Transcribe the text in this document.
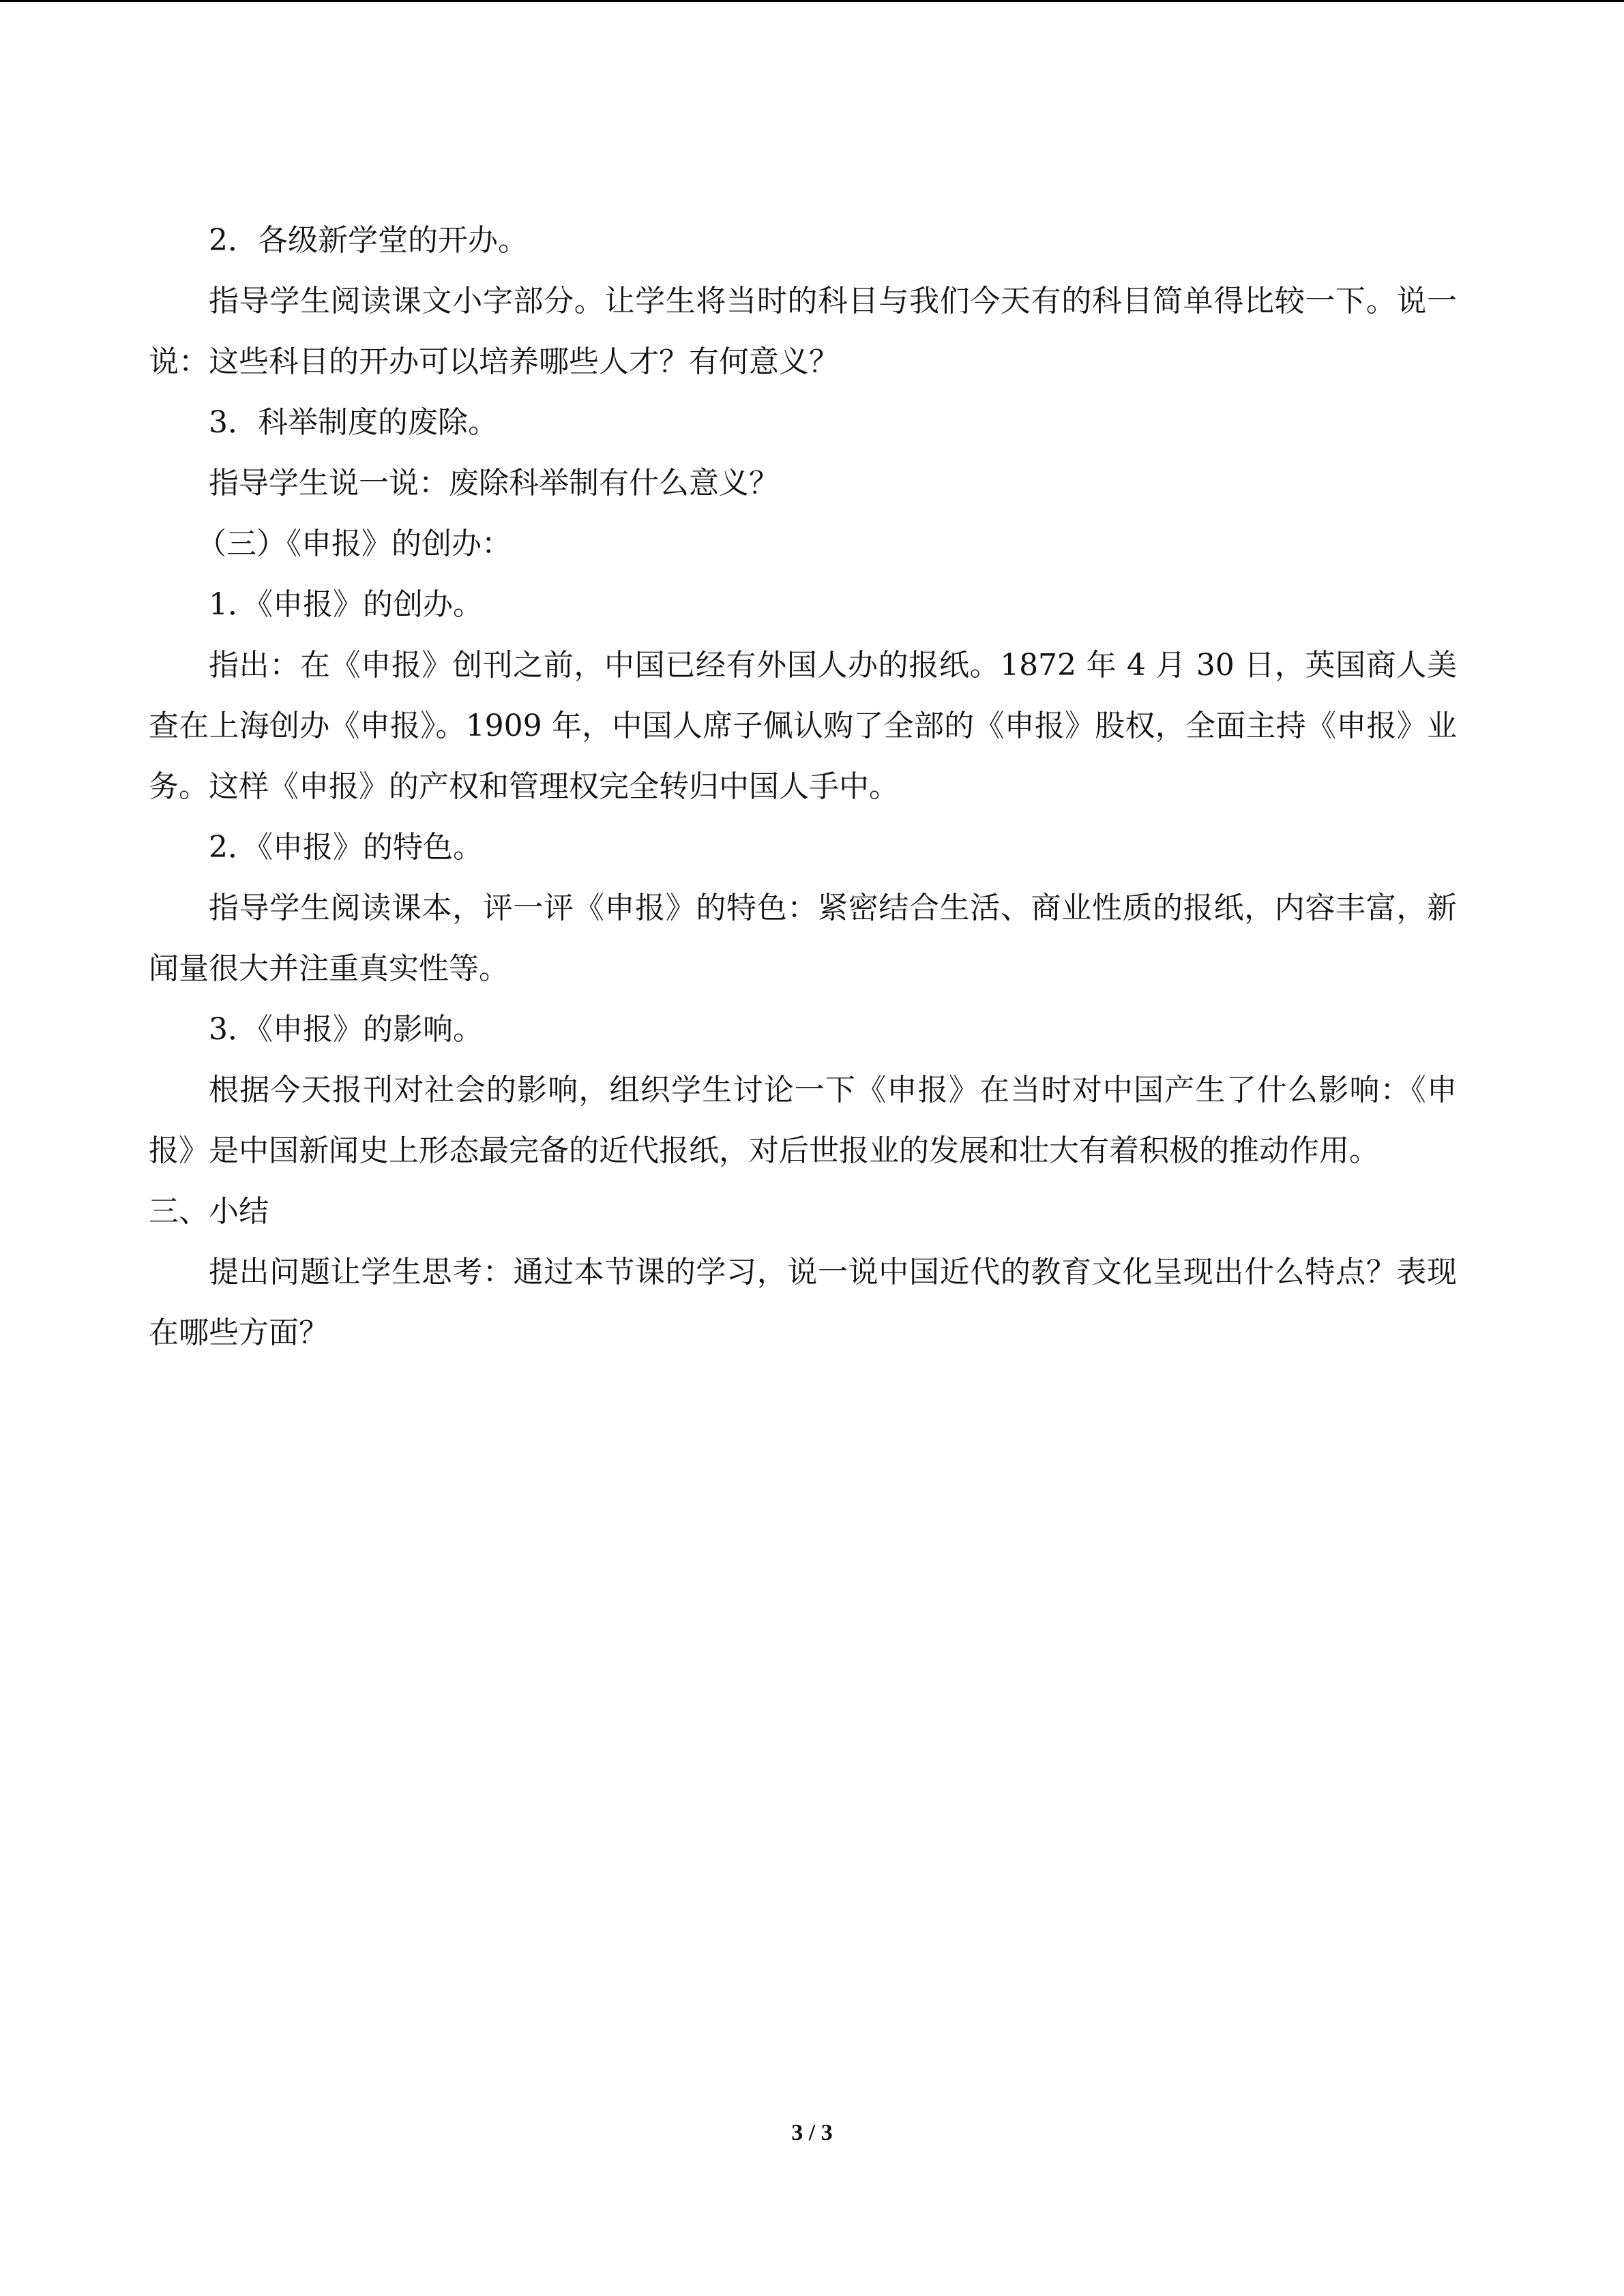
2．各级新学堂的开办。

指导学生阅读课文小字部分。让学生将当时的科目与我们今天有的科目简单得比较一下。说一说：这些科目的开办可以培养哪些人才？有何意义？

3．科举制度的废除。

指导学生说一说：废除科举制有什么意义？

（三）《申报》的创办：

1．《申报》的创办。

指出：在《申报》创刊之前，中国已经有外国人办的报纸。1872 年 4 月 30 日，英国商人美查在上海创办《申报》。1909 年，中国人席子佩认购了全部的《申报》股权，全面主持《申报》业务。这样《申报》的产权和管理权完全转归中国人手中。

2．《申报》的特色。

指导学生阅读课本，评一评《申报》的特色：紧密结合生活、商业性质的报纸，内容丰富，新闻量很大并注重真实性等。

3．《申报》的影响。

根据今天报刊对社会的影响，组织学生讨论一下《申报》在当时对中国产生了什么影响：《申报》是中国新闻史上形态最完备的近代报纸，对后世报业的发展和壮大有着积极的推动作用。

三、小结

提出问题让学生思考：通过本节课的学习，说一说中国近代的教育文化呈现出什么特点？表现在哪些方面？

3 / 3
